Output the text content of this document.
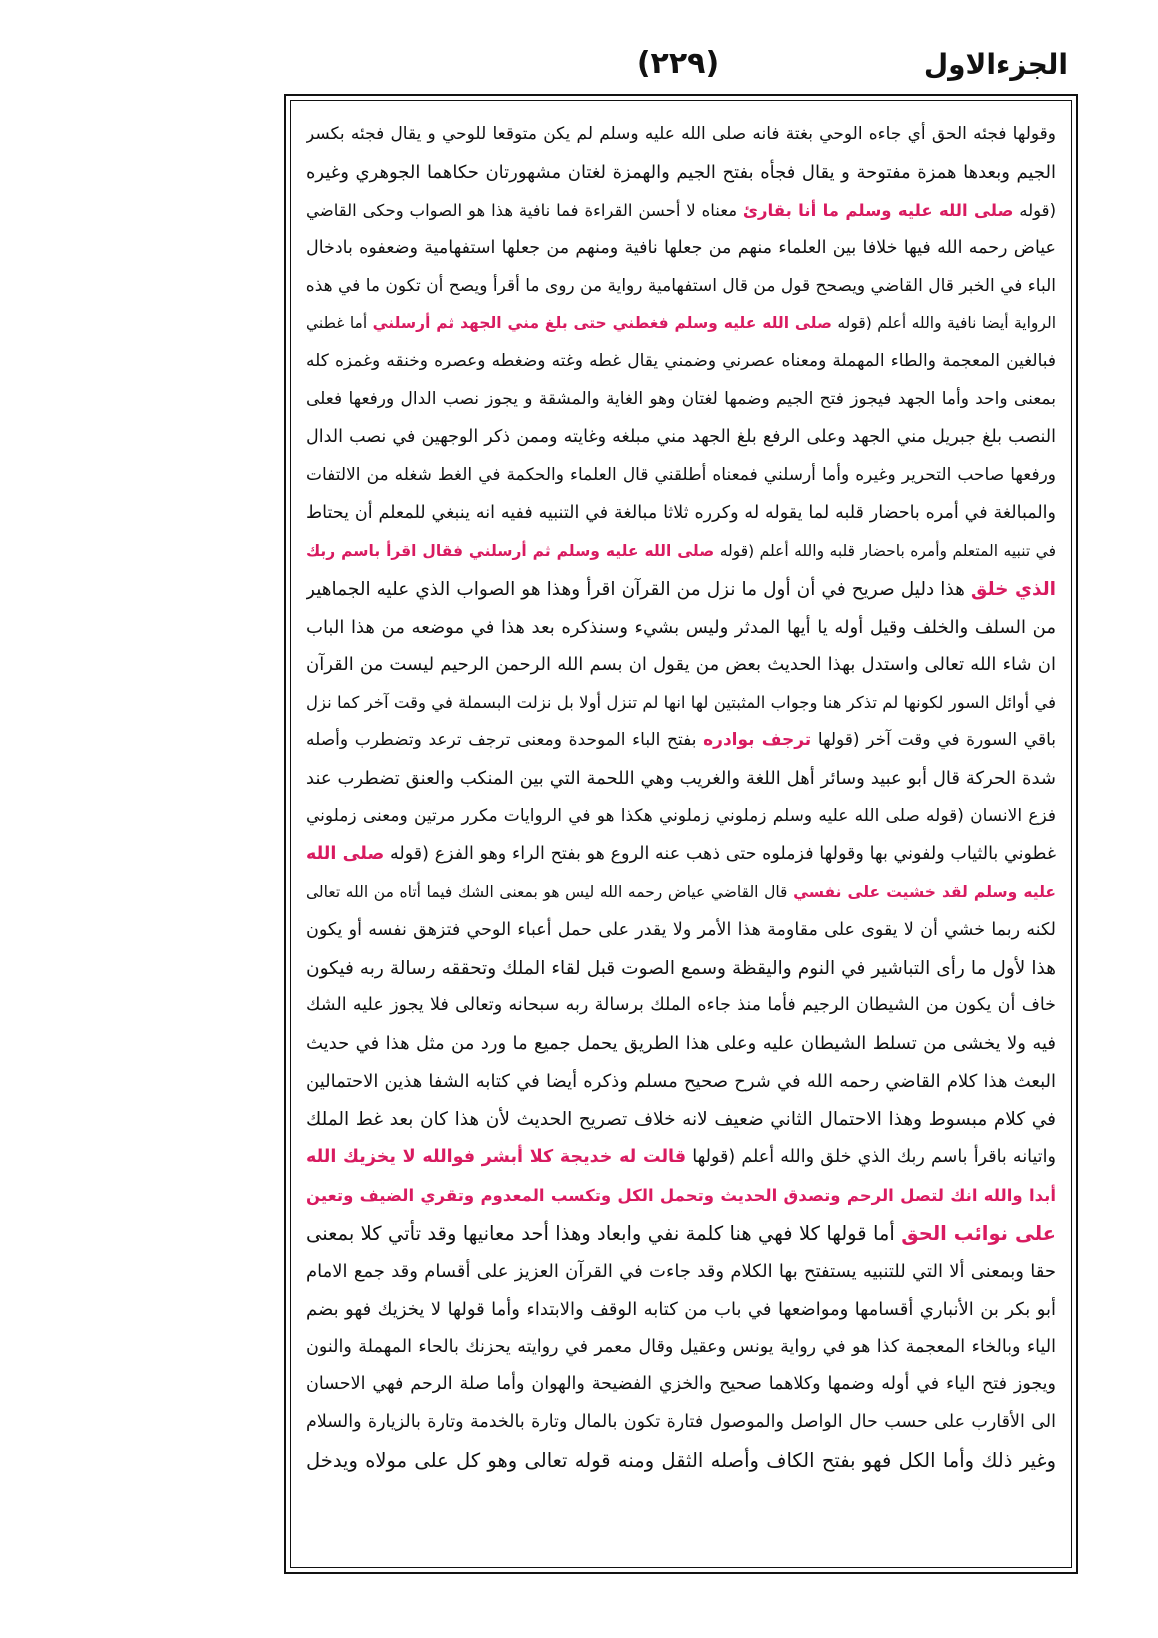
الجزءالاول
(٢٢٩)
وقولها فجئه الحق أي جاءه الوحي بغتة فانه صلى الله عليه وسلم لم يكن متوقعا للوحي و يقال فجئه بكسر
الجيم وبعدها همزة مفتوحة و يقال فجأه بفتح الجيم والهمزة لغتان مشهورتان حكاهما الجوهري وغيره
(قوله صلى الله عليه وسلم ما أنا بقارئ معناه لا أحسن القراءة فما نافية هذا هو الصواب وحكى القاضي
عياض رحمه الله فيها خلافا بين العلماء منهم من جعلها نافية ومنهم من جعلها استفهامية وضعفوه بادخال
الباء في الخبر قال القاضي ويصحح قول من قال استفهامية رواية من روى ما أقرأ ويصح أن تكون ما في هذه
الرواية أيضا نافية والله أعلم (قوله صلى الله عليه وسلم فغطني حتى بلغ مني الجهد ثم أرسلني أما غطني
فبالغين المعجمة والطاء المهملة ومعناه عصرني وضمني يقال غطه وغته وضغطه وعصره وخنقه وغمزه كله
بمعنى واحد وأما الجهد فيجوز فتح الجيم وضمها لغتان وهو الغاية والمشقة و يجوز نصب الدال ورفعها فعلى
النصب بلغ جبريل مني الجهد وعلى الرفع بلغ الجهد مني مبلغه وغايته وممن ذكر الوجهين في نصب الدال
ورفعها صاحب التحرير وغيره وأما أرسلني فمعناه أطلقني قال العلماء والحكمة في الغط شغله من الالتفات
والمبالغة في أمره باحضار قلبه لما يقوله له وكرره ثلاثا مبالغة في التنبيه ففيه انه ينبغي للمعلم أن يحتاط
في تنبيه المتعلم وأمره باحضار قلبه والله أعلم (قوله صلى الله عليه وسلم ثم أرسلني فقال اقرأ باسم ربك
الذي خلق هذا دليل صريح في أن أول ما نزل من القرآن اقرأ وهذا هو الصواب الذي عليه الجماهير
من السلف والخلف وقيل أوله يا أيها المدثر وليس بشيء وسنذكره بعد هذا في موضعه من هذا الباب
ان شاء الله تعالى واستدل بهذا الحديث بعض من يقول ان بسم الله الرحمن الرحيم ليست من القرآن
في أوائل السور لكونها لم تذكر هنا وجواب المثبتين لها انها لم تنزل أولا بل نزلت البسملة في وقت آخر كما نزل
باقي السورة في وقت آخر (قولها ترجف بوادره بفتح الباء الموحدة ومعنى ترجف ترعد وتضطرب وأصله
شدة الحركة قال أبو عبيد وسائر أهل اللغة والغريب وهي اللحمة التي بين المنكب والعنق تضطرب عند
فزع الانسان (قوله صلى الله عليه وسلم زملوني زملوني هكذا هو في الروايات مكرر مرتين ومعنى زملوني
غطوني بالثياب ولفوني بها وقولها فزملوه حتى ذهب عنه الروع هو بفتح الراء وهو الفزع (قوله صلى الله
عليه وسلم لقد خشيت على نفسي قال القاضي عياض رحمه الله ليس هو بمعنى الشك فيما أتاه من الله تعالى
لكنه ربما خشي أن لا يقوى على مقاومة هذا الأمر ولا يقدر على حمل أعباء الوحي فتزهق نفسه أو يكون
هذا لأول ما رأى التباشير في النوم واليقظة وسمع الصوت قبل لقاء الملك وتحققه رسالة ربه فيكون
خاف أن يكون من الشيطان الرجيم فأما منذ جاءه الملك برسالة ربه سبحانه وتعالى فلا يجوز عليه الشك
فيه ولا يخشى من تسلط الشيطان عليه وعلى هذا الطريق يحمل جميع ما ورد من مثل هذا في حديث
البعث هذا كلام القاضي رحمه الله في شرح صحيح مسلم وذكره أيضا في كتابه الشفا هذين الاحتمالين
في كلام مبسوط وهذا الاحتمال الثاني ضعيف لانه خلاف تصريح الحديث لأن هذا كان بعد غط الملك
واتيانه باقرأ باسم ربك الذي خلق والله أعلم (قولها قالت له خديجة كلا أبشر فوالله لا يخزيك الله
أبدا والله انك لتصل الرحم وتصدق الحديث وتحمل الكل وتكسب المعدوم وتقري الضيف وتعين
على نوائب الحق أما قولها كلا فهي هنا كلمة نفي وابعاد وهذا أحد معانيها وقد تأتي كلا بمعنى
حقا وبمعنى ألا التي للتنبيه يستفتح بها الكلام وقد جاءت في القرآن العزيز على أقسام وقد جمع الامام
أبو بكر بن الأنباري أقسامها ومواضعها في باب من كتابه الوقف والابتداء وأما قولها لا يخزيك فهو بضم
الياء وبالخاء المعجمة كذا هو في رواية يونس وعقيل وقال معمر في روايته يحزنك بالحاء المهملة والنون
ويجوز فتح الياء في أوله وضمها وكلاهما صحيح والخزي الفضيحة والهوان وأما صلة الرحم فهي الاحسان
الى الأقارب على حسب حال الواصل والموصول فتارة تكون بالمال وتارة بالخدمة وتارة بالزيارة والسلام
وغير ذلك وأما الكل فهو بفتح الكاف وأصله الثقل ومنه قوله تعالى وهو كل على مولاه ويدخل
